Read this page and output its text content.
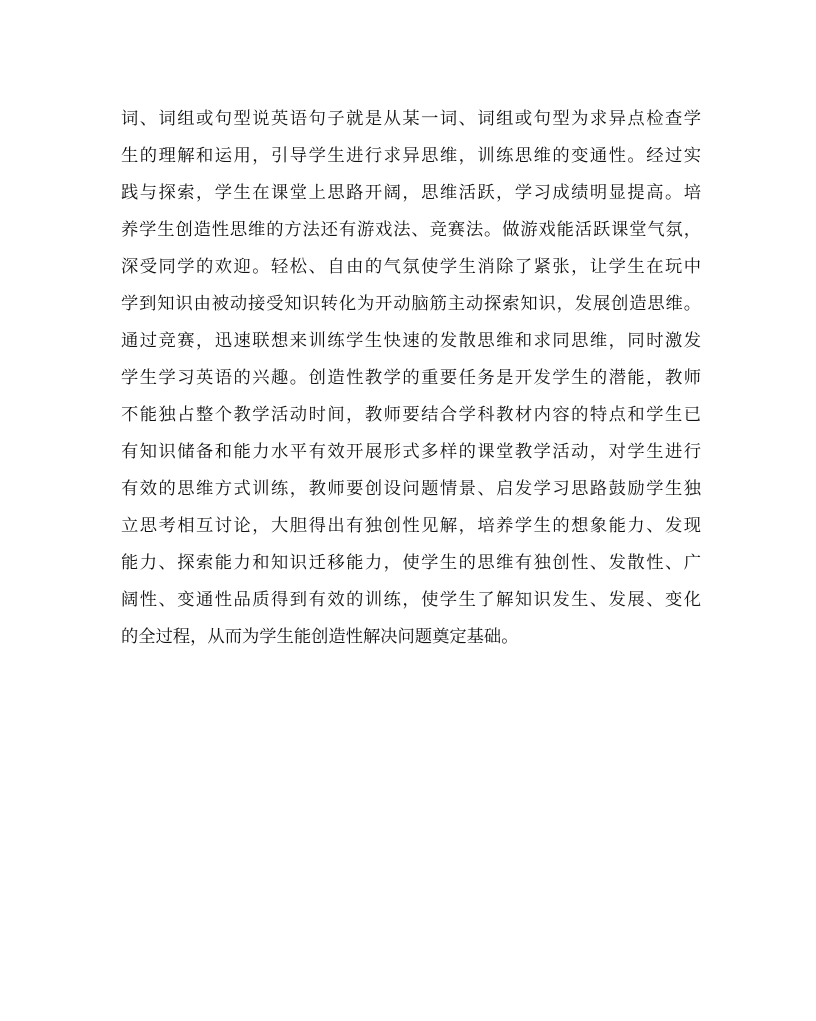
词、词组或句型说英语句子就是从某一词、词组或句型为求异点检查学
生的理解和运用，引导学生进行求异思维，训练思维的变通性。经过实
践与探索，学生在课堂上思路开阔，思维活跃，学习成绩明显提高。培
养学生创造性思维的方法还有游戏法、竞赛法。做游戏能活跃课堂气氛，
深受同学的欢迎。轻松、自由的气氛使学生消除了紧张，让学生在玩中
学到知识由被动接受知识转化为开动脑筋主动探索知识，发展创造思维。
通过竞赛，迅速联想来训练学生快速的发散思维和求同思维，同时激发
学生学习英语的兴趣。创造性教学的重要任务是开发学生的潜能，教师
不能独占整个教学活动时间，教师要结合学科教材内容的特点和学生已
有知识储备和能力水平有效开展形式多样的课堂教学活动，对学生进行
有效的思维方式训练，教师要创设问题情景、启发学习思路鼓励学生独
立思考相互讨论，大胆得出有独创性见解，培养学生的想象能力、发现
能力、探索能力和知识迁移能力，使学生的思维有独创性、发散性、广
阔性、变通性品质得到有效的训练，使学生了解知识发生、发展、变化
的全过程，从而为学生能创造性解决问题奠定基础。
